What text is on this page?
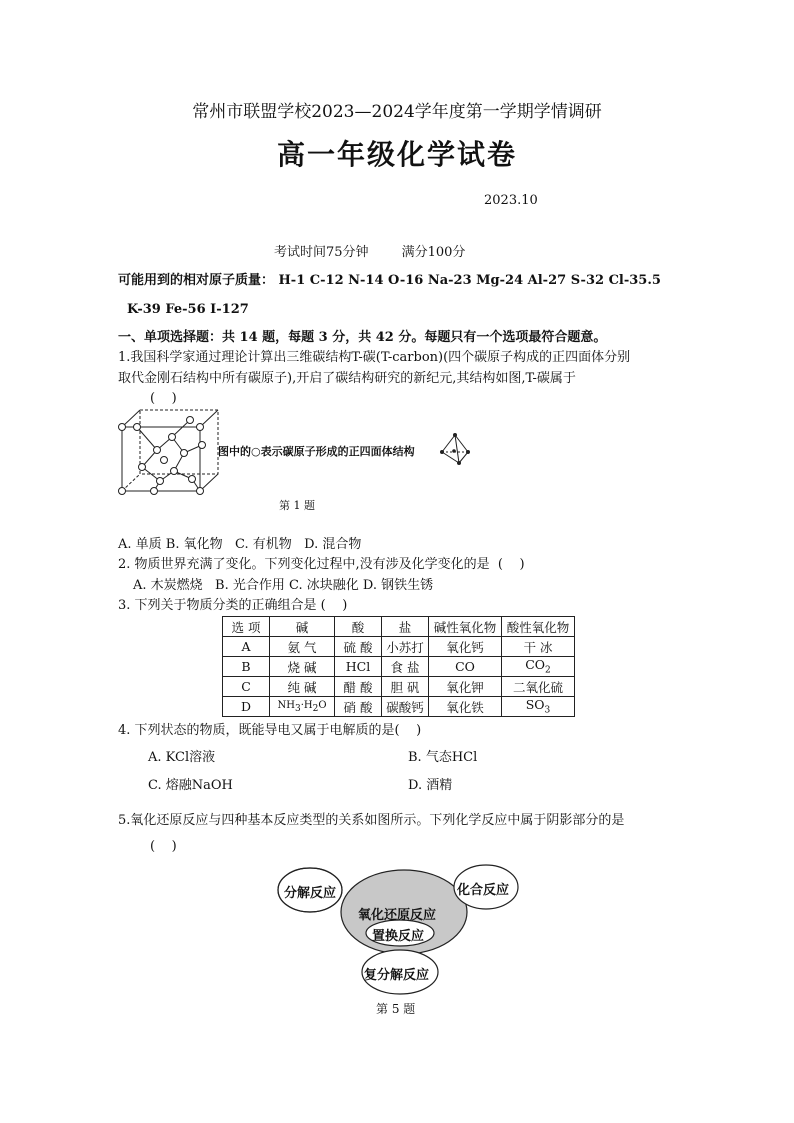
常州市联盟学校2023—2024学年度第一学期学情调研
高一年级化学试卷
2023.10
考试时间75分钟        满分100分
可能用到的相对原子质量： H-1 C-12 N-14 O-16 Na-23 Mg-24 Al-27 S-32 Cl-35.5
K-39 Fe-56 I-127
一、单项选择题：共 14 题，每题 3 分，共 42 分。每题只有一个选项最符合题意。
1.我国科学家通过理论计算出三维碳结构T-碳(T-carbon)(四个碳原子构成的正四面体分别
取代金刚石结构中所有碳原子),开启了碳结构研究的新纪元,其结构如图,T-碳属于
(    )
图中的○表示碳原子形成的正四面体结构
第 1 题
A. 单质 B. 氧化物   C. 有机物   D. 混合物
2. 物质世界充满了变化。下列变化过程中,没有涉及化学变化的是  (    )
A. 木炭燃烧   B. 光合作用 C. 冰块融化 D. 钢铁生锈
3. 下列关于物质分类的正确组合是 (    )
选 项	碱	酸	盐	碱性氧化物	酸性氧化物
A	氨 气	硫 酸	小苏打	氧化钙	干 冰
B	烧 碱	HCl	食 盐	CO	$CO_2$
C	纯 碱	醋 酸	胆 矾	氧化钾	二氧化硫
D	$NH_3\cdot H_2O$	硝 酸	碳酸钙	氧化铁	$SO_3$
4. 下列状态的物质，既能导电又属于电解质的是(    )
A. KCl溶液	B. 气态HCl
C. 熔融NaOH	D. 酒精
5.氧化还原反应与四种基本反应类型的关系如图所示。下列化学反应中属于阴影部分的是
(    )
分解反应	化合反应
氧化还原反应
置换反应
复分解反应
第 5 题
